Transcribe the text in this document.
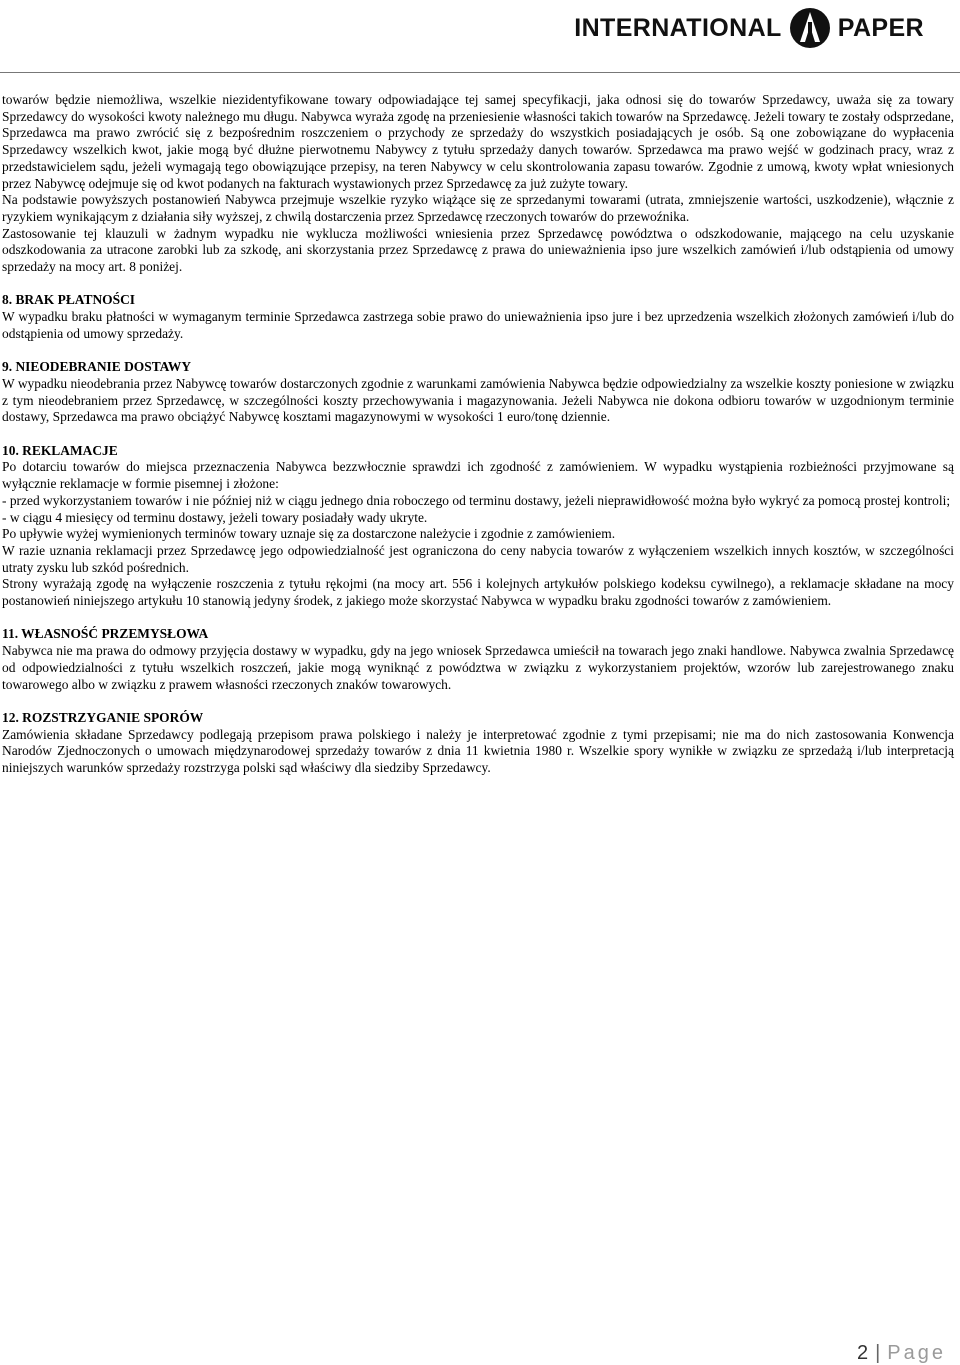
INTERNATIONAL PAPER

towarów będzie niemożliwa, wszelkie niezidentyfikowane towary odpowiadające tej samej specyfikacji, jaka odnosi się do towarów Sprzedawcy, uważa się za towary Sprzedawcy do wysokości kwoty należnego mu długu. Nabywca wyraża zgodę na przeniesienie własności takich towarów na Sprzedawcę. Jeżeli towary te zostały odsprzedane, Sprzedawca ma prawo zwrócić się z bezpośrednim roszczeniem o przychody ze sprzedaży do wszystkich posiadających je osób. Są one zobowiązane do wypłacenia Sprzedawcy wszelkich kwot, jakie mogą być dłużne pierwotnemu Nabywcy z tytułu sprzedaży danych towarów. Sprzedawca ma prawo wejść w godzinach pracy, wraz z przedstawicielem sądu, jeżeli wymagają tego obowiązujące przepisy, na teren Nabywcy w celu skontrolowania zapasu towarów. Zgodnie z umową, kwoty wpłat wniesionych przez Nabywcę odejmuje się od kwot podanych na fakturach wystawionych przez Sprzedawcę za już zużyte towary.

Na podstawie powyższych postanowień Nabywca przejmuje wszelkie ryzyko wiążące się ze sprzedanymi towarami (utrata, zmniejszenie wartości, uszkodzenie), włącznie z ryzykiem wynikającym z działania siły wyższej, z chwilą dostarczenia przez Sprzedawcę rzeczonych towarów do przewoźnika.

Zastosowanie tej klauzuli w żadnym wypadku nie wyklucza możliwości wniesienia przez Sprzedawcę powództwa o odszkodowanie, mającego na celu uzyskanie odszkodowania za utracone zarobki lub za szkodę, ani skorzystania przez Sprzedawcę z prawa do unieważnienia ipso jure wszelkich zamówień i/lub odstąpienia od umowy sprzedaży na mocy art. 8 poniżej.

8. BRAK PŁATNOŚCI

W wypadku braku płatności w wymaganym terminie Sprzedawca zastrzega sobie prawo do unieważnienia ipso jure i bez uprzedzenia wszelkich złożonych zamówień i/lub do odstąpienia od umowy sprzedaży.

9. NIEODEBRANIE DOSTAWY

W wypadku nieodebrania przez Nabywcę towarów dostarczonych zgodnie z warunkami zamówienia Nabywca będzie odpowiedzialny za wszelkie koszty poniesione w związku z tym nieodebraniem przez Sprzedawcę, w szczególności koszty przechowywania i magazynowania. Jeżeli Nabywca nie dokona odbioru towarów w uzgodnionym terminie dostawy, Sprzedawca ma prawo obciążyć Nabywcę kosztami magazynowymi w wysokości 1 euro/tonę dziennie.

10. REKLAMACJE

Po dotarciu towarów do miejsca przeznaczenia Nabywca bezzwłocznie sprawdzi ich zgodność z zamówieniem. W wypadku wystąpienia rozbieżności przyjmowane są wyłącznie reklamacje w formie pisemnej i złożone:

- przed wykorzystaniem towarów i nie później niż w ciągu jednego dnia roboczego od terminu dostawy, jeżeli nieprawidłowość można było wykryć za pomocą prostej kontroli;

- w ciągu 4 miesięcy od terminu dostawy, jeżeli towary posiadały wady ukryte.

Po upływie wyżej wymienionych terminów towary uznaje się za dostarczone należycie i zgodnie z zamówieniem.

W razie uznania reklamacji przez Sprzedawcę jego odpowiedzialność jest ograniczona do ceny nabycia towarów z wyłączeniem wszelkich innych kosztów, w szczególności utraty zysku lub szkód pośrednich.

Strony wyrażają zgodę na wyłączenie roszczenia z tytułu rękojmi (na mocy art. 556 i kolejnych artykułów polskiego kodeksu cywilnego), a reklamacje składane na mocy postanowień niniejszego artykułu 10 stanowią jedyny środek, z jakiego może skorzystać Nabywca w wypadku braku zgodności towarów z zamówieniem.

11. WŁASNOŚĆ PRZEMYSŁOWA

Nabywca nie ma prawa do odmowy przyjęcia dostawy w wypadku, gdy na jego wniosek Sprzedawca umieścił na towarach jego znaki handlowe. Nabywca zwalnia Sprzedawcę od odpowiedzialności z tytułu wszelkich roszczeń, jakie mogą wyniknąć z powództwa w związku z wykorzystaniem projektów, wzorów lub zarejestrowanego znaku towarowego albo w związku z prawem własności rzeczonych znaków towarowych.

12. ROZSTRZYGANIE SPORÓW

Zamówienia składane Sprzedawcy podlegają przepisom prawa polskiego i należy je interpretować zgodnie z tymi przepisami; nie ma do nich zastosowania Konwencja Narodów Zjednoczonych o umowach międzynarodowej sprzedaży towarów z dnia 11 kwietnia 1980 r. Wszelkie spory wynikłe w związku ze sprzedażą i/lub interpretacją niniejszych warunków sprzedaży rozstrzyga polski sąd właściwy dla siedziby Sprzedawcy.

2 | Page
